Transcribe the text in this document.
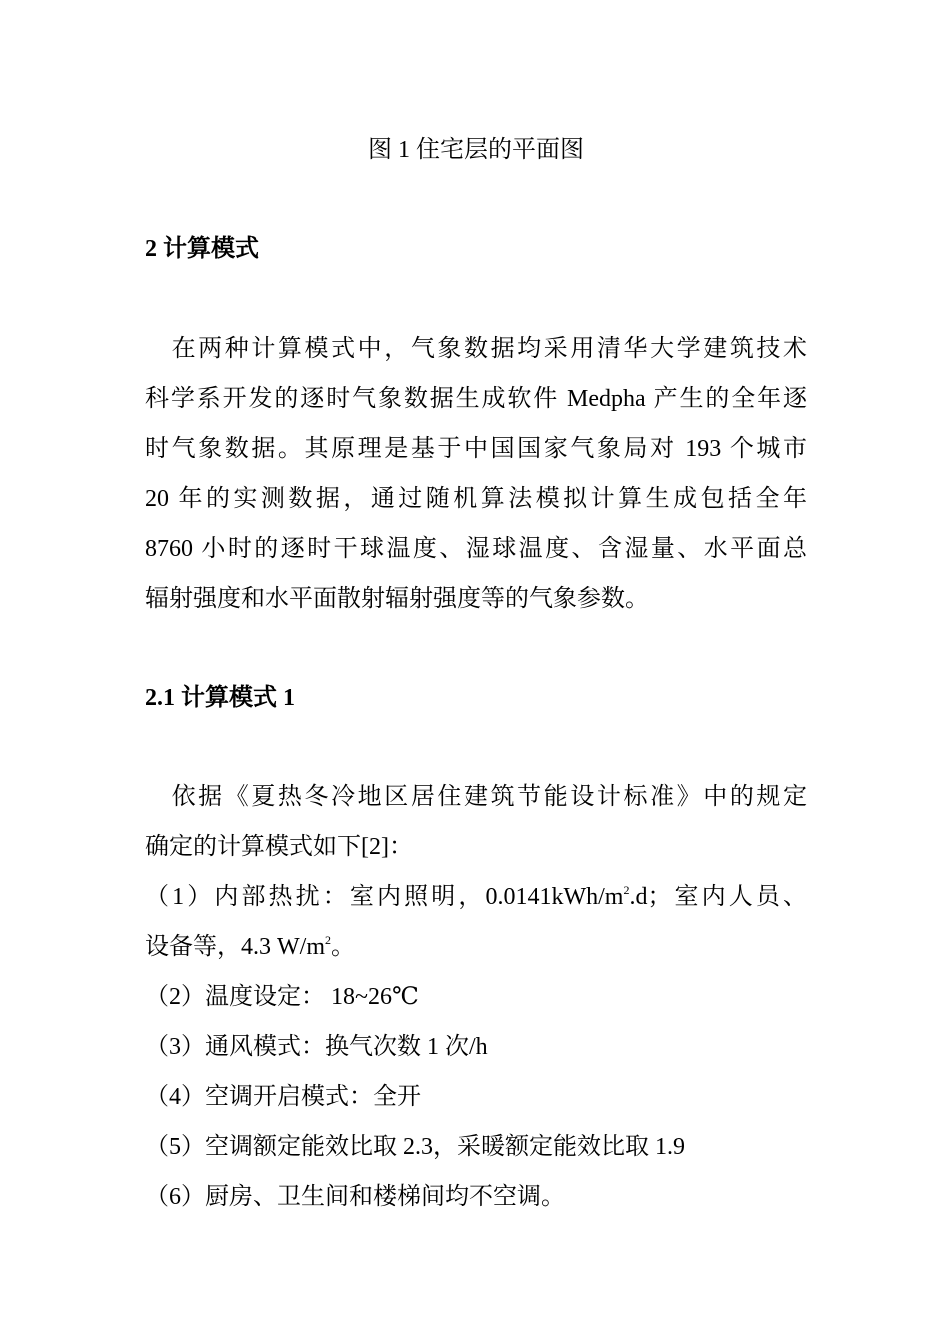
图 1 住宅层的平面图
2 计算模式
　在两种计算模式中，气象数据均采用清华大学建筑技术
科学系开发的逐时气象数据生成软件 Medpha 产生的全年逐
时气象数据。其原理是基于中国国家气象局对 193 个城市
20 年的实测数据，通过随机算法模拟计算生成包括全年
8760 小时的逐时干球温度、湿球温度、含湿量、水平面总
辐射强度和水平面散射辐射强度等的气象参数。
2.1 计算模式 1
　依据《夏热冬冷地区居住建筑节能设计标准》中的规定
确定的计算模式如下[2]：
（1）内部热扰：室内照明，$0.0141kWh/m^2.d$；室内人员、
设备等，4.3 $W/m^2$。
（2）温度设定： 18~26℃
（3）通风模式：换气次数 1 次/h
（4）空调开启模式：全开
（5）空调额定能效比取 2.3，采暖额定能效比取 1.9
（6）厨房、卫生间和楼梯间均不空调。
